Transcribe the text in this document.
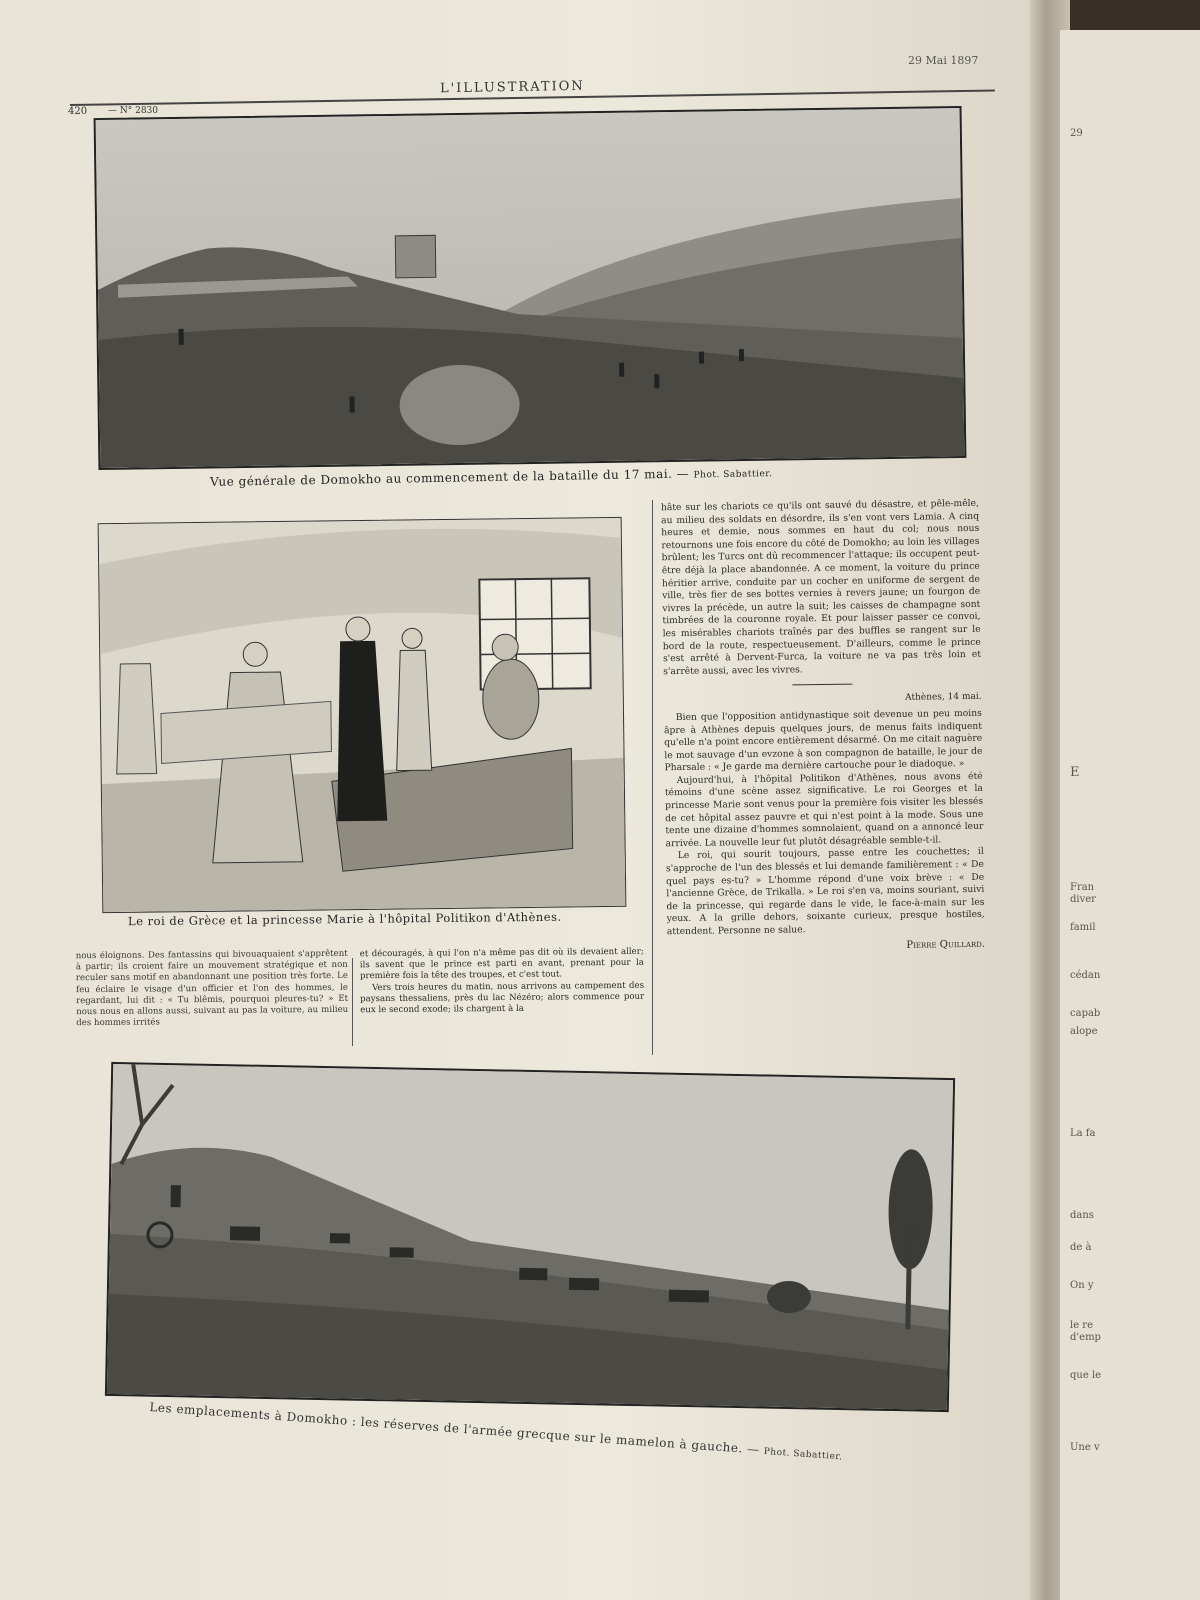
420 — N° 2830
L'ILLUSTRATION
29 Mai 1897
Vue générale de Domokho au commencement de la bataille du 17 mai. — Phot. Sabattier.
Le roi de Grèce et la princesse Marie à l'hôpital Politikon d'Athènes.

hâte sur les chariots ce qu'ils ont sauvé du désastre, et pêle-mêle, au milieu des soldats en désordre, ils s'en vont vers Lamia. A cinq heures et demie, nous sommes en haut du col; nous nous retournons une fois encore du côté de Domokho; au loin les villages brûlent; les Turcs ont dû recommencer l'attaque; ils occupent peut-être déjà la place abandonnée. A ce moment, la voiture du prince héritier arrive, conduite par un cocher en uniforme de sergent de ville, très fier de ses bottes vernies à revers jaune; un fourgon de vivres la précède, un autre la suit; les caisses de champagne sont timbrées de la couronne royale. Et pour laisser passer ce convoi, les misérables chariots traînés par des buffles se rangent sur le bord de la route, respectueusement. D'ailleurs, comme le prince s'est arrêté à Dervent-Furca, la voiture ne va pas très loin et s'arrête aussi, avec les vivres.

Athènes, 14 mai.

Bien que l'opposition antidynastique soit devenue un peu moins âpre à Athènes depuis quelques jours, de menus faits indiquent qu'elle n'a point encore entièrement désarmé. On me citait naguère le mot sauvage d'un evzone à son compagnon de bataille, le jour de Pharsale : « Je garde ma dernière cartouche pour le diadoque. »

Aujourd'hui, à l'hôpital Politikon d'Athènes, nous avons été témoins d'une scène assez significative. Le roi Georges et la princesse Marie sont venus pour la première fois visiter les blessés de cet hôpital assez pauvre et qui n'est point à la mode. Sous une tente une dizaine d'hommes somnolaient, quand on a annoncé leur arrivée. La nouvelle leur fut plutôt désagréable semble-t-il.

Le roi, qui sourit toujours, passe entre les couchettes; il s'approche de l'un des blessés et lui demande familièrement : « De quel pays es-tu? » L'homme répond d'une voix brève : « De l'ancienne Grèce, de Trikalla. » Le roi s'en va, moins souriant, suivi de la princesse, qui regarde dans le vide, le face-à-main sur les yeux. A la grille dehors, soixante curieux, presque hostiles, attendent. Personne ne salue.

Pierre Quillard.

nous éloignons. Des fantassins qui bivouaquaient s'apprêtent à partir; ils croient faire un mouvement stratégique et non reculer sans motif en abandonnant une position très forte. Le feu éclaire le visage d'un officier et l'on des hommes, le regardant, lui dit : « Tu blêmis, pourquoi pleures-tu? » Et nous nous en allons aussi, suivant au pas la voiture, au milieu des hommes irrités

et découragés, à qui l'on n'a même pas dit où ils devaient aller; ils savent que le prince est parti en avant, prenant pour la première fois la tête des troupes, et c'est tout.

Vers trois heures du matin, nous arrivons au campement des paysans thessaliens, près du lac Nézéro; alors commence pour eux le second exode; ils chargent à la

Les emplacements à Domokho : les réserves de l'armée grecque sur le mamelon à gauche. — Phot. Sabattier.
29
E
Fran
diver
famil
cédan
capab
alope
La fa
dans
de à
On y
le re
d'emp
que le
Une v
